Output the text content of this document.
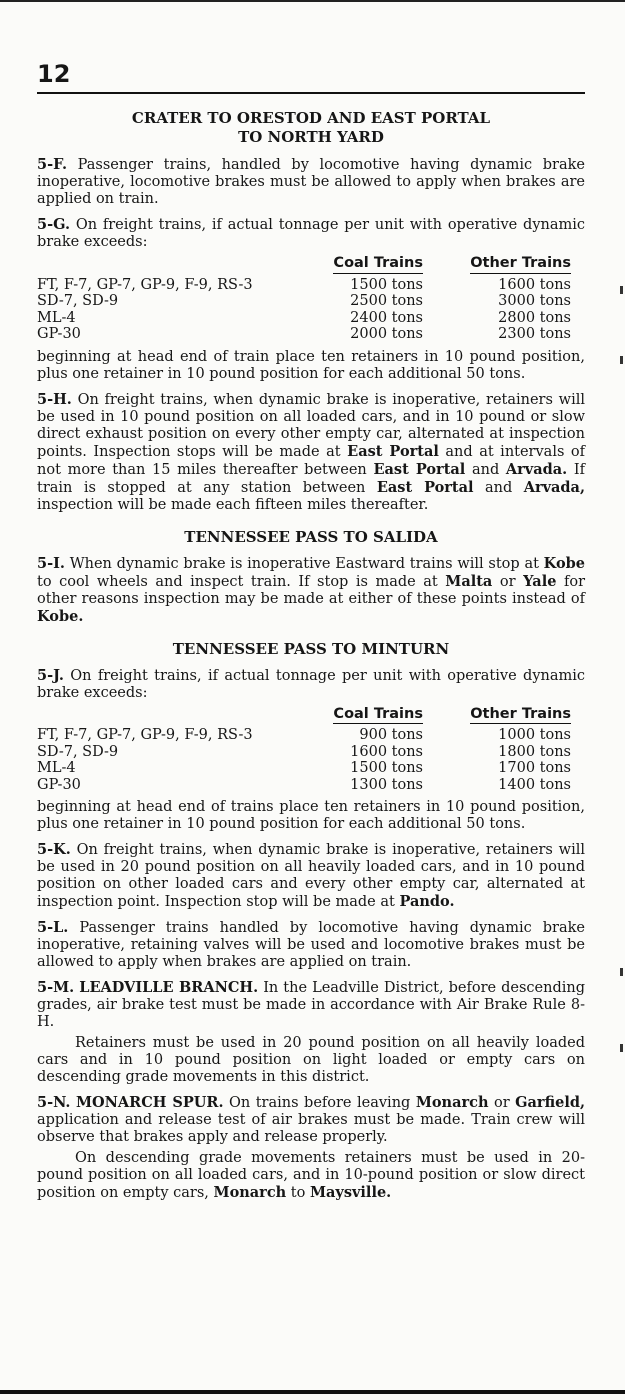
12
CRATER TO ORESTOD AND EAST PORTAL
TO NORTH YARD

5-F. Passenger trains, handled by locomotive having dynamic brake inoperative, locomotive brakes must be allowed to apply when brakes are applied on train.

5-G. On freight trains, if actual tonnage per unit with operative dynamic brake exceeds:

	Coal Trains	Other Trains
FT, F-7, GP-7, GP-9, F-9, RS-3	1500 tons	1600 tons
SD-7, SD-9	2500 tons	3000 tons
ML-4	2400 tons	2800 tons
GP-30	2000 tons	2300 tons

beginning at head end of train place ten retainers in 10 pound position, plus one retainer in 10 pound position for each additional 50 tons.

5-H. On freight trains, when dynamic brake is inoperative, retainers will be used in 10 pound position on all loaded cars, and in 10 pound or slow direct exhaust position on every other empty car, alternated at inspection points. Inspection stops will be made at East Portal and at intervals of not more than 15 miles thereafter between East Portal and Arvada. If train is stopped at any station between East Portal and Arvada, inspection will be made each fifteen miles thereafter.

TENNESSEE PASS TO SALIDA

5-I. When dynamic brake is inoperative Eastward trains will stop at Kobe to cool wheels and inspect train. If stop is made at Malta or Yale for other reasons inspection may be made at either of these points instead of Kobe.

TENNESSEE PASS TO MINTURN

5-J. On freight trains, if actual tonnage per unit with operative dynamic brake exceeds:

	Coal Trains	Other Trains
FT, F-7, GP-7, GP-9, F-9, RS-3	900 tons	1000 tons
SD-7, SD-9	1600 tons	1800 tons
ML-4	1500 tons	1700 tons
GP-30	1300 tons	1400 tons

beginning at head end of trains place ten retainers in 10 pound position, plus one retainer in 10 pound position for each additional 50 tons.

5-K. On freight trains, when dynamic brake is inoperative, retainers will be used in 20 pound position on all heavily loaded cars, and in 10 pound position on other loaded cars and every other empty car, alternated at inspection point. Inspection stop will be made at Pando.

5-L. Passenger trains handled by locomotive having dynamic brake inoperative, retaining valves will be used and locomotive brakes must be allowed to apply when brakes are applied on train.

5-M. LEADVILLE BRANCH. In the Leadville District, before descending grades, air brake test must be made in accordance with Air Brake Rule 8-H.

Retainers must be used in 20 pound position on all heavily loaded cars and in 10 pound position on light loaded or empty cars on descending grade movements in this district.

5-N. MONARCH SPUR. On trains before leaving Monarch or Garfield, application and release test of air brakes must be made. Train crew will observe that brakes apply and release properly.

On descending grade movements retainers must be used in 20-pound position on all loaded cars, and in 10-pound position or slow direct position on empty cars, Monarch to Maysville.
